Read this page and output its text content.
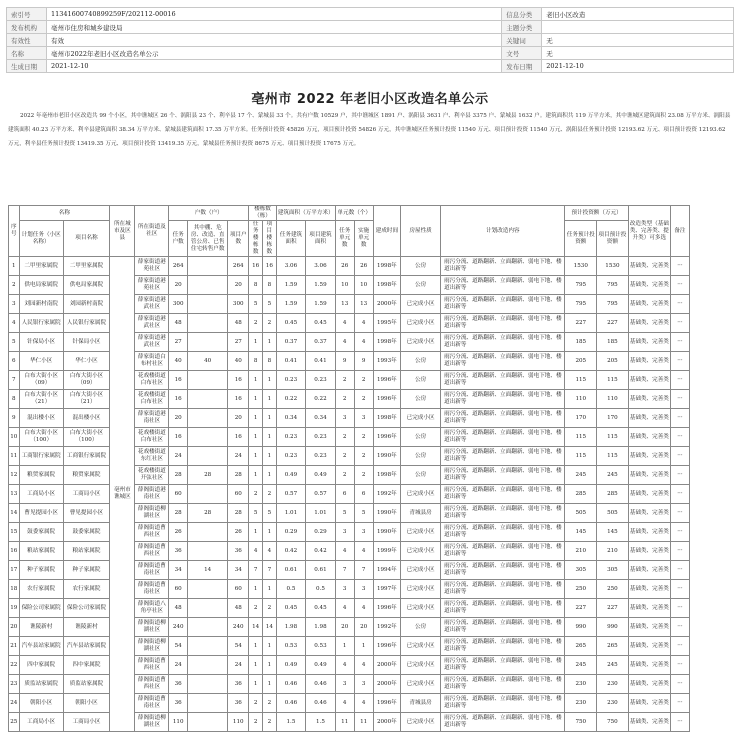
索引号	11341600740899259F/202112-00016	信息分类	老旧小区改造
发布机构	亳州市住房和城乡建设局	主题分类	
有效性	有效	关键词	无
名称	亳州市2022年老旧小区改造名单公示	文号	无
生成日期	2021-12-10	发布日期	2021-12-10
亳州市 2022 年老旧小区改造名单公示
2022 年亳州市老旧小区改造共 99 个小区，其中谯城区 26 个、涡阳县 23 个、利辛县 17 个、蒙城县 33 个。共有户数 10529 户，其中谯城区 1891 户、涡阳县 3631 户、利辛县 3375 户、蒙城县 1632 户。建筑面积共 119 万平方米，其中谯城区建筑面积 23.08 万平方米、涡阳县建筑面积 40.23 万平方米、利辛县建筑面积 38.34 万平方米、蒙城县建筑面积 17.35 万平方米。任务预计投资 45826 万元，项目预计投资 54826 万元，其中谯城区任务预计投资 11540 万元、项目预计投资 11540 万元、涡阳县任务预计投资 12193.62 万元、项目预计投资 12193.62 万元，利辛县任务预计投资 13419.35 万元、项目预计投资 13419.35 万元，蒙城县任务预计投资 8675 万元、项目预计投资 17675 万元。
序号	名称		所在城市及区县	所在街道及社区	户数（户）			楼栋数（栋）		建筑面积（万平方米）		单元数（个）		建成时间	房屋性质	计划改造内容	预计投资额（万元）		改造类型（基础类、完善类、提升类）可多选	备注
	计划任务（小区名称）	项目名称			任务户数	其中棚、危房、改造、直管公房、已售住宅转售户数	项目户数	任务楼栋数	项目楼栋数	任务建筑面积	项目建筑面积	任务单元数	实施单元数				任务预计投资额	项目预计投资额		

1	二甲里家属院	二甲里家属院	亳州市谯城区	薛家街道港苑社区	264		264	16	16	3.06	3.06	26	26	1998年	公房	雨污分流、道路翻新、立面翻新、弱电下地、楼道出新等	1530	1530	基础类、完善类	···
2	供电局家属院	供电局家属院		薛家街道港苑社区	20		20	8	8	1.59	1.59	10	10	1998年	公房	雨污分流、道路翻新、立面翻新、弱电下地、楼道出新等	795	795	基础类、完善类	···
3	刘园新村南院	刘园新村南院		薛家街道港武社区	300		300	5	5	1.59	1.59	13	13	2000年	已完成小区	雨污分流、道路翻新、立面翻新、弱电下地、楼道出新等	795	795	基础类、完善类	···
4	人民银行家属院	人民银行家属院		薛家街道港武社区	48		48	2	2	0.45	0.45	4	4	1995年	已完成小区	雨污分流、道路翻新、立面翻新、弱电下地、楼道出新等	227	227	基础类、完善类	···
5	针保局小区	针保局小区		薛家街道港武社区	27		27	1	1	0.37	0.37	4	4	1998年	已完成小区	雨污分流、道路翻新、立面翻新、弱电下地、楼道出新等	185	185	基础类、完善类	···
6	华仁小区	华仁小区		薛家街道白布村社区	40	40	40	8	8	0.41	0.41	9	9	1993年	公房	雨污分流、道路翻新、立面翻新、弱电下地、楼道出新等	205	205	基础类、完善类	···
7	白布大街小区（09）	白布大街小区（09）		花戏楼街道白布社区	16		16	1	1	0.23	0.23	2	2	1996年	公房	雨污分流、道路翻新、立面翻新、弱电下地、楼道出新等	115	115	基础类、完善类	···
8	白布大街小区（21）	白布大街小区（21）		花戏楼街道白布社区	16		16	1	1	0.22	0.22	2	2	1996年	公房	雨污分流、道路翻新、立面翻新、弱电下地、楼道出新等	110	110	基础类、完善类	···
9	混出楼小区	混出楼小区		薛家街道港南社区	20		20	1	1	0.34	0.34	3	3	1998年	已完成小区	雨污分流、道路翻新、立面翻新、弱电下地、楼道出新等	170	170	基础类、完善类	···
10	白布大街小区（100）	白布大街小区（100）		花戏楼街道白布社区	16		16	1	1	0.23	0.23	2	2	1996年	公房	雨污分流、道路翻新、立面翻新、弱电下地、楼道出新等	115	115	基础类、完善类	···
11	工商银行家属院	工商银行家属院		花戏楼街道东红社区	24		24	1	1	0.23	0.23	2	2	1990年	公房	雨污分流、道路翻新、立面翻新、弱电下地、楼道出新等	115	115	基础类、完善类	···
12	粮贸家属院	粮贸家属院		花戏楼街道开弦社区	28	28	28	1	1	0.49	0.49	2	2	1998年	公房	雨污分流、道路翻新、立面翻新、弱电下地、楼道出新等	245	245	基础类、完善类	···
13	工商局小区	工商局小区		薛阁街道港南社区	60		60	2	2	0.57	0.57	6	6	1992年	已完成小区	雨污分流、道路翻新、立面翻新、弱电下地、楼道出新等	285	285	基础类、完善类	···
14	曹见提园小区	曹见提园小区		薛阁街道柳湖社区	28	28	28	5	5	1.01	1.01	5	5	1990年	青城县房	雨污分流、道路翻新、立面翻新、弱电下地、楼道出新等	505	505	基础类、完善类	···
15	鼓委家属院	鼓委家属院		薛阁街道曹西社区	26		26	1	1	0.29	0.29	3	3	1990年	已完成小区	雨污分流、道路翻新、立面翻新、弱电下地、楼道出新等	145	145	基础类、完善类	···
16	粮站家属院	粮站家属院		薛阁街道曹西社区	36		36	4	4	0.42	0.42	4	4	1999年	已完成小区	雨污分流、道路翻新、立面翻新、弱电下地、楼道出新等	210	210	基础类、完善类	···
17	种子家属院	种子家属院		薛阁街道曹南社区	34	14	34	7	7	0.61	0.61	7	7	1994年	已完成小区	雨污分流、道路翻新、立面翻新、弱电下地、楼道出新等	305	305	基础类、完善类	···
18	农行家属院	农行家属院		薛阁街道曹南社区	60		60	1	1	0.5	0.5	3	3	1997年	已完成小区	雨污分流、道路翻新、立面翻新、弱电下地、楼道出新等	250	250	基础类、完善类	···
19	保险公司家属院	保险公司家属院		薛阁街道八角亭社区	48		48	2	2	0.45	0.45	4	4	1996年	已完成小区	雨污分流、道路翻新、立面翻新、弱电下地、楼道出新等	227	227	基础类、完善类	···
20	谯陵新村	谯陵新村		薛阁街道柳湖社区	240		240	14	14	1.98	1.98	20	20	1992年	公房	雨污分流、道路翻新、立面翻新、弱电下地、楼道出新等	990	990	基础类、完善类	···
21	汽车县站家属院	汽车县站家属院		薛阁街道柳湖社区	54		54	1	1	0.53	0.53	1	1	1996年	已完成小区	雨污分流、道路翻新、立面翻新、弱电下地、楼道出新等	265	265	基础类、完善类	···
22	四中家属院	四中家属院		薛阁街道曹西社区	24		24	1	1	0.49	0.49	4	4	2000年	已完成小区	雨污分流、道路翻新、立面翻新、弱电下地、楼道出新等	245	245	基础类、完善类	···
23	质监站家属院	质监站家属院		薛阁街道曹西社区	36		36	1	1	0.46	0.46	3	3	2000年	已完成小区	雨污分流、道路翻新、立面翻新、弱电下地、楼道出新等	230	230	基础类、完善类	···
24	朝阳小区	朝阳小区		薛阁街道曹南社区	36		36	2	2	0.46	0.46	4	4	1996年	青城县房	雨污分流、道路翻新、立面翻新、弱电下地、楼道出新等	230	230	基础类、完善类	···
25	工商局小区	工商局小区		薛阁街道柳湖社区	110		110	2	2	1.5	1.5	11	11	2000年	已完成小区	雨污分流、道路翻新、立面翻新、弱电下地、楼道出新等	750	750	基础类、完善类	···
